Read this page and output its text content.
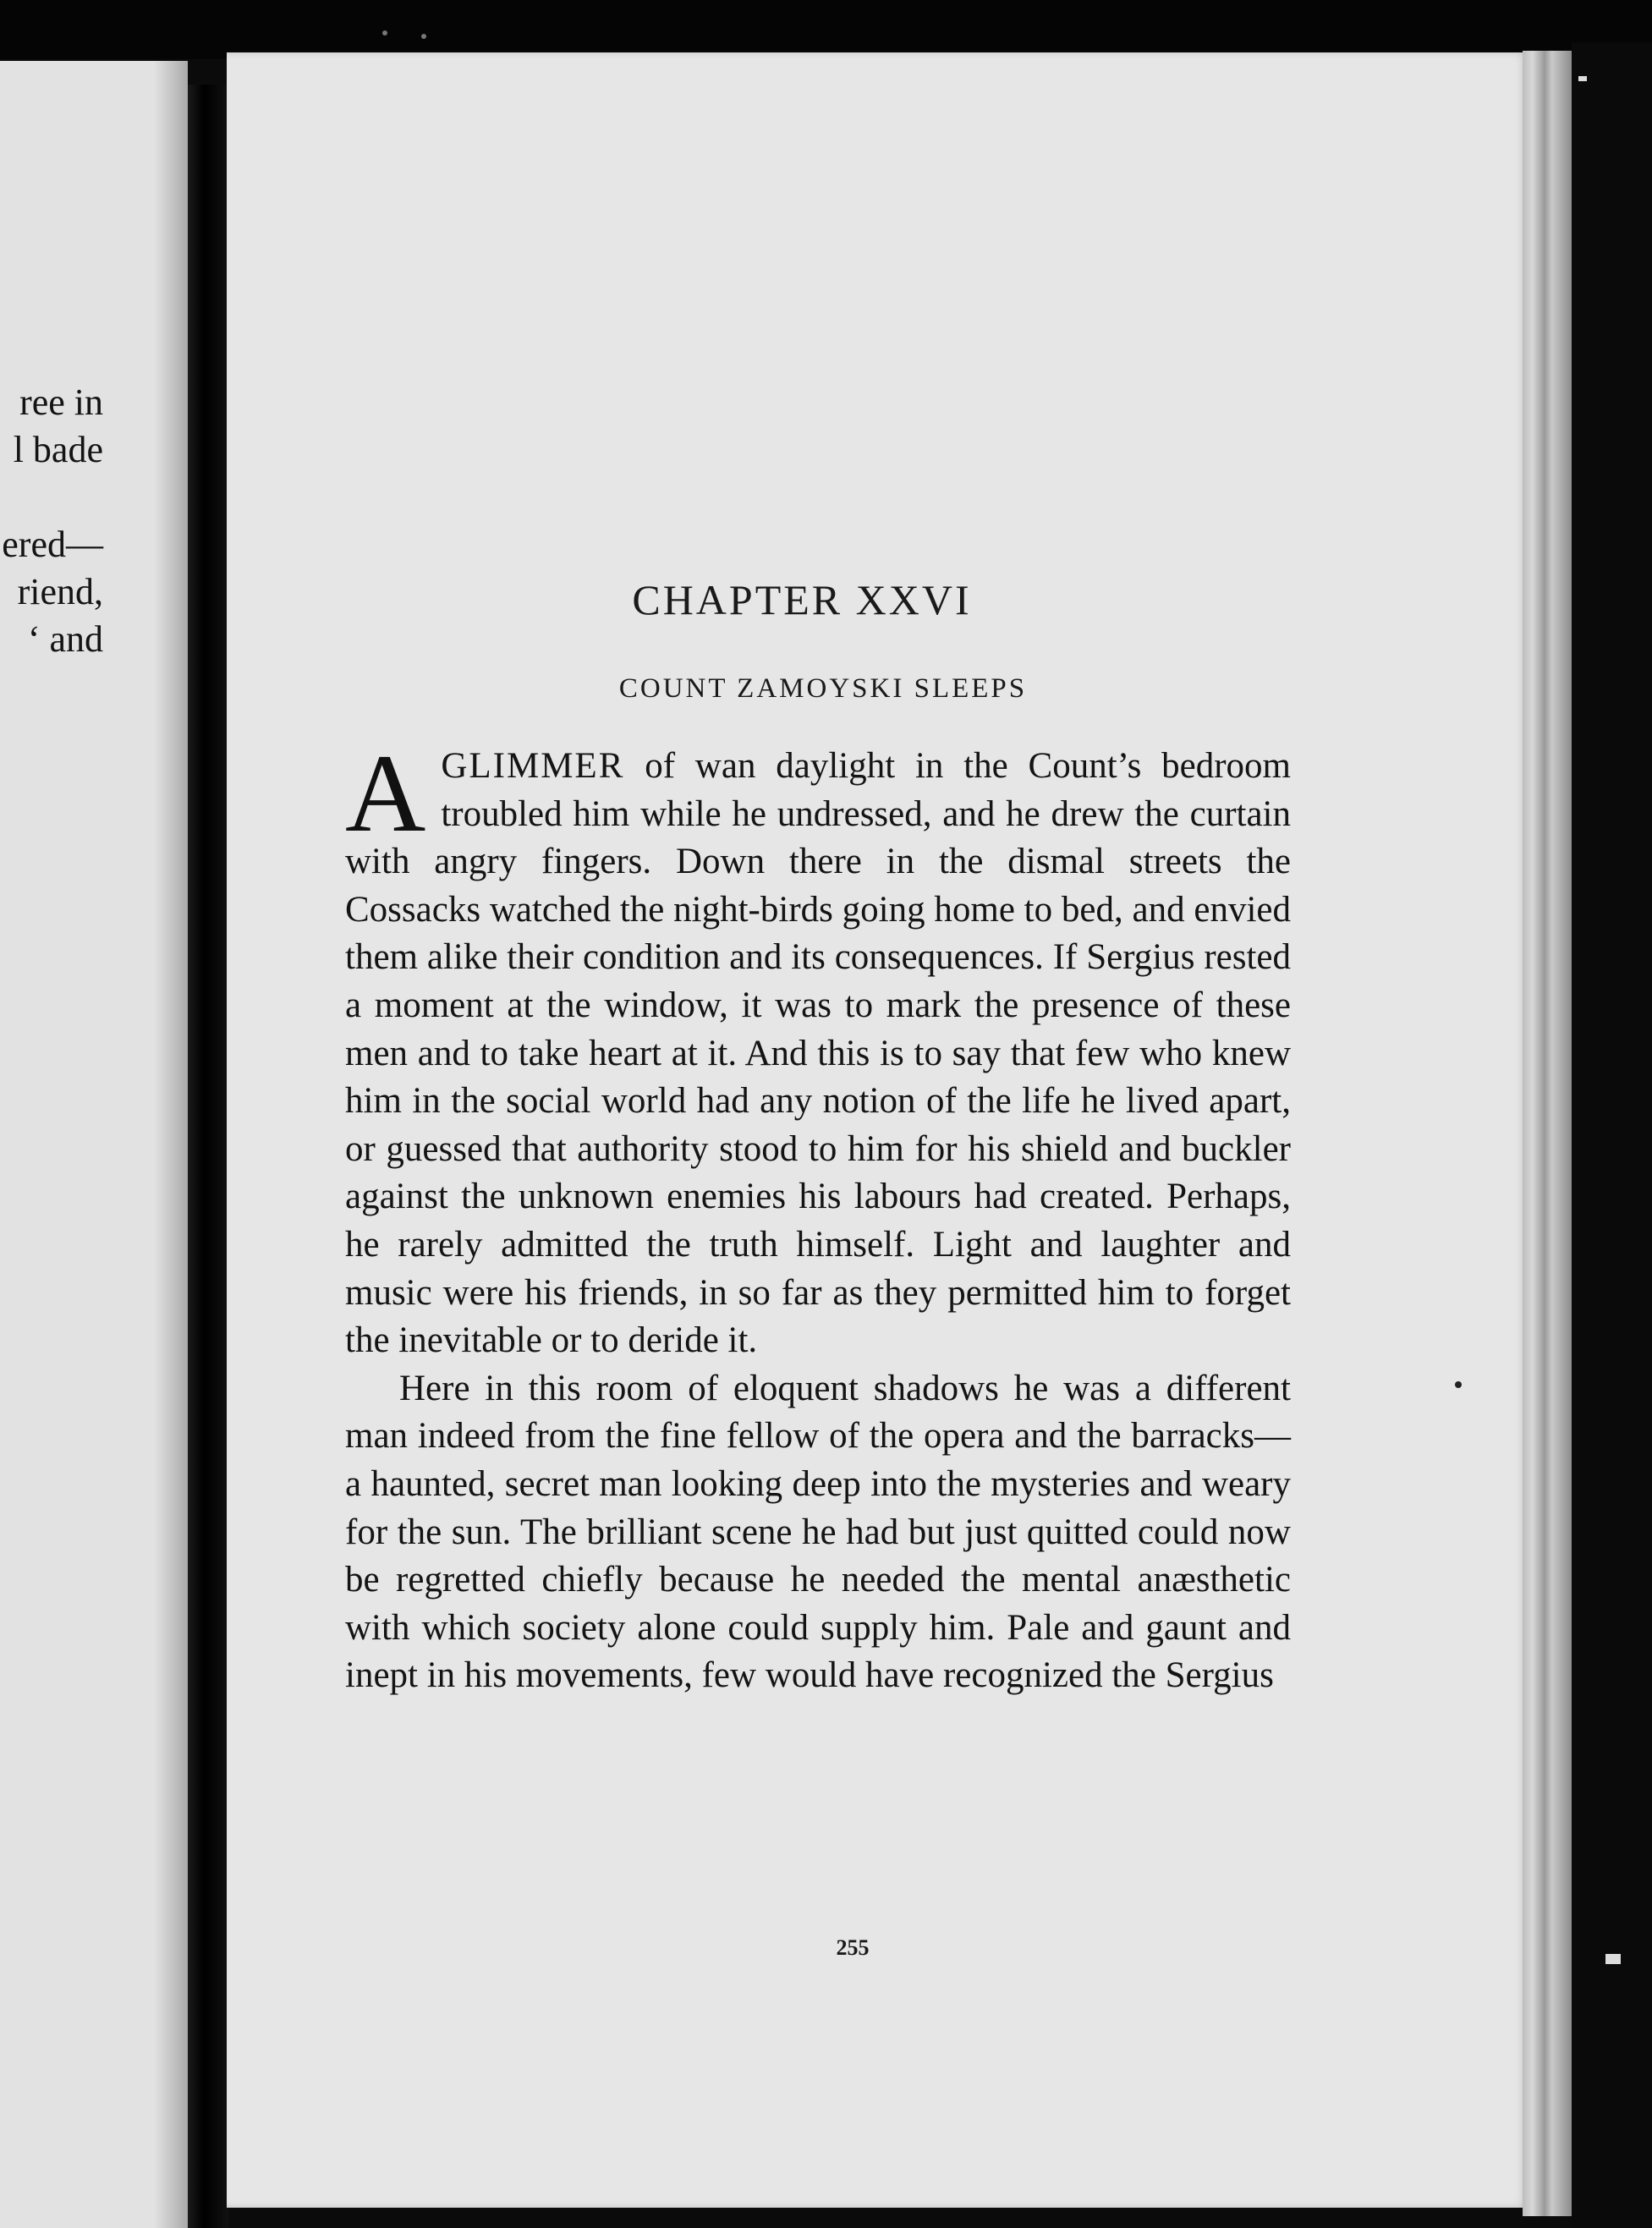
ree in
l bade
ered—
riend,
‘ and
CHAPTER XXVI
COUNT ZAMOYSKI SLEEPS

AGLIMMER of wan daylight in the Count’s bedroom troubled him while he undressed, and he drew the curtain with angry fingers. Down there in the dismal streets the Cossacks watched the night-birds going home to bed, and envied them alike their condition and its consequences. If Sergius rested a moment at the window, it was to mark the presence of these men and to take heart at it. And this is to say that few who knew him in the social world had any notion of the life he lived apart, or guessed that authority stood to him for his shield and buckler against the unknown enemies his labours had created. Perhaps, he rarely admitted the truth himself. Light and laughter and music were his friends, in so far as they permitted him to forget the inevitable or to deride it.

Here in this room of eloquent shadows he was a different man indeed from the fine fellow of the opera and the barracks—a haunted, secret man looking deep into the mysteries and weary for the sun. The brilliant scene he had but just quitted could now be regretted chiefly because he needed the mental anæsthetic with which society alone could supply him. Pale and gaunt and inept in his movements, few would have recognized the Sergius

255
